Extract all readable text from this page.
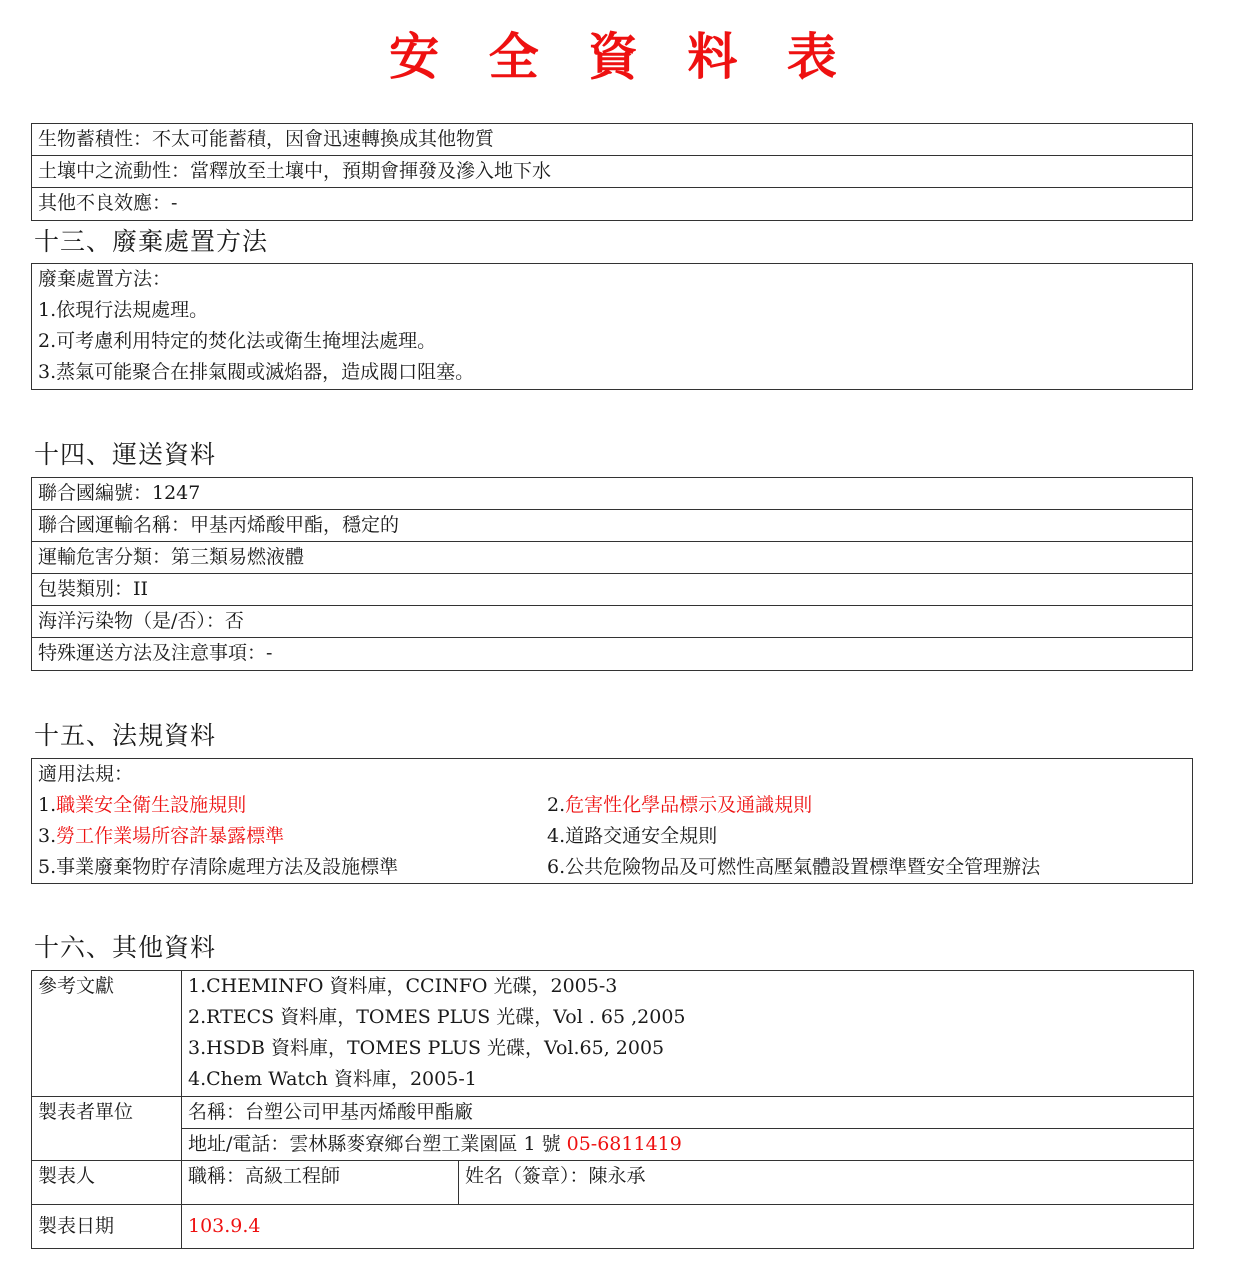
安 全 資 料 表
生物蓄積性：不太可能蓄積，因會迅速轉換成其他物質
土壤中之流動性：當釋放至土壤中，預期會揮發及滲入地下水
其他不良效應：-
十三、廢棄處置方法
廢棄處置方法：
1.依現行法規處理。
2.可考慮利用特定的焚化法或衛生掩埋法處理。
3.蒸氣可能聚合在排氣閥或滅焰器，造成閥口阻塞。
十四、運送資料
聯合國編號：1247
聯合國運輸名稱：甲基丙烯酸甲酯，穩定的
運輸危害分類：第三類易燃液體
包裝類別：II
海洋污染物（是/否）：否
特殊運送方法及注意事項：-
十五、法規資料
適用法規：
1.職業安全衛生設施規則	2.危害性化學品標示及通識規則
3.勞工作業場所容許暴露標準	4.道路交通安全規則
5.事業廢棄物貯存清除處理方法及設施標準	6.公共危險物品及可燃性高壓氣體設置標準暨安全管理辦法
十六、其他資料
參考文獻	1.CHEMINFO 資料庫，CCINFO 光碟，2005-3
2.RTECS 資料庫，TOMES PLUS 光碟，Vol . 65 ,2005
3.HSDB 資料庫，TOMES PLUS 光碟，Vol.65, 2005
4.Chem Watch 資料庫，2005-1	

製表者單位	名稱：台塑公司甲基丙烯酸甲酯廠	
	地址/電話：雲林縣麥寮鄉台塑工業園區 1 號 05-6811419	
製表人	職稱：高級工程師	姓名（簽章）：陳永承
製表日期	103.9.4	
